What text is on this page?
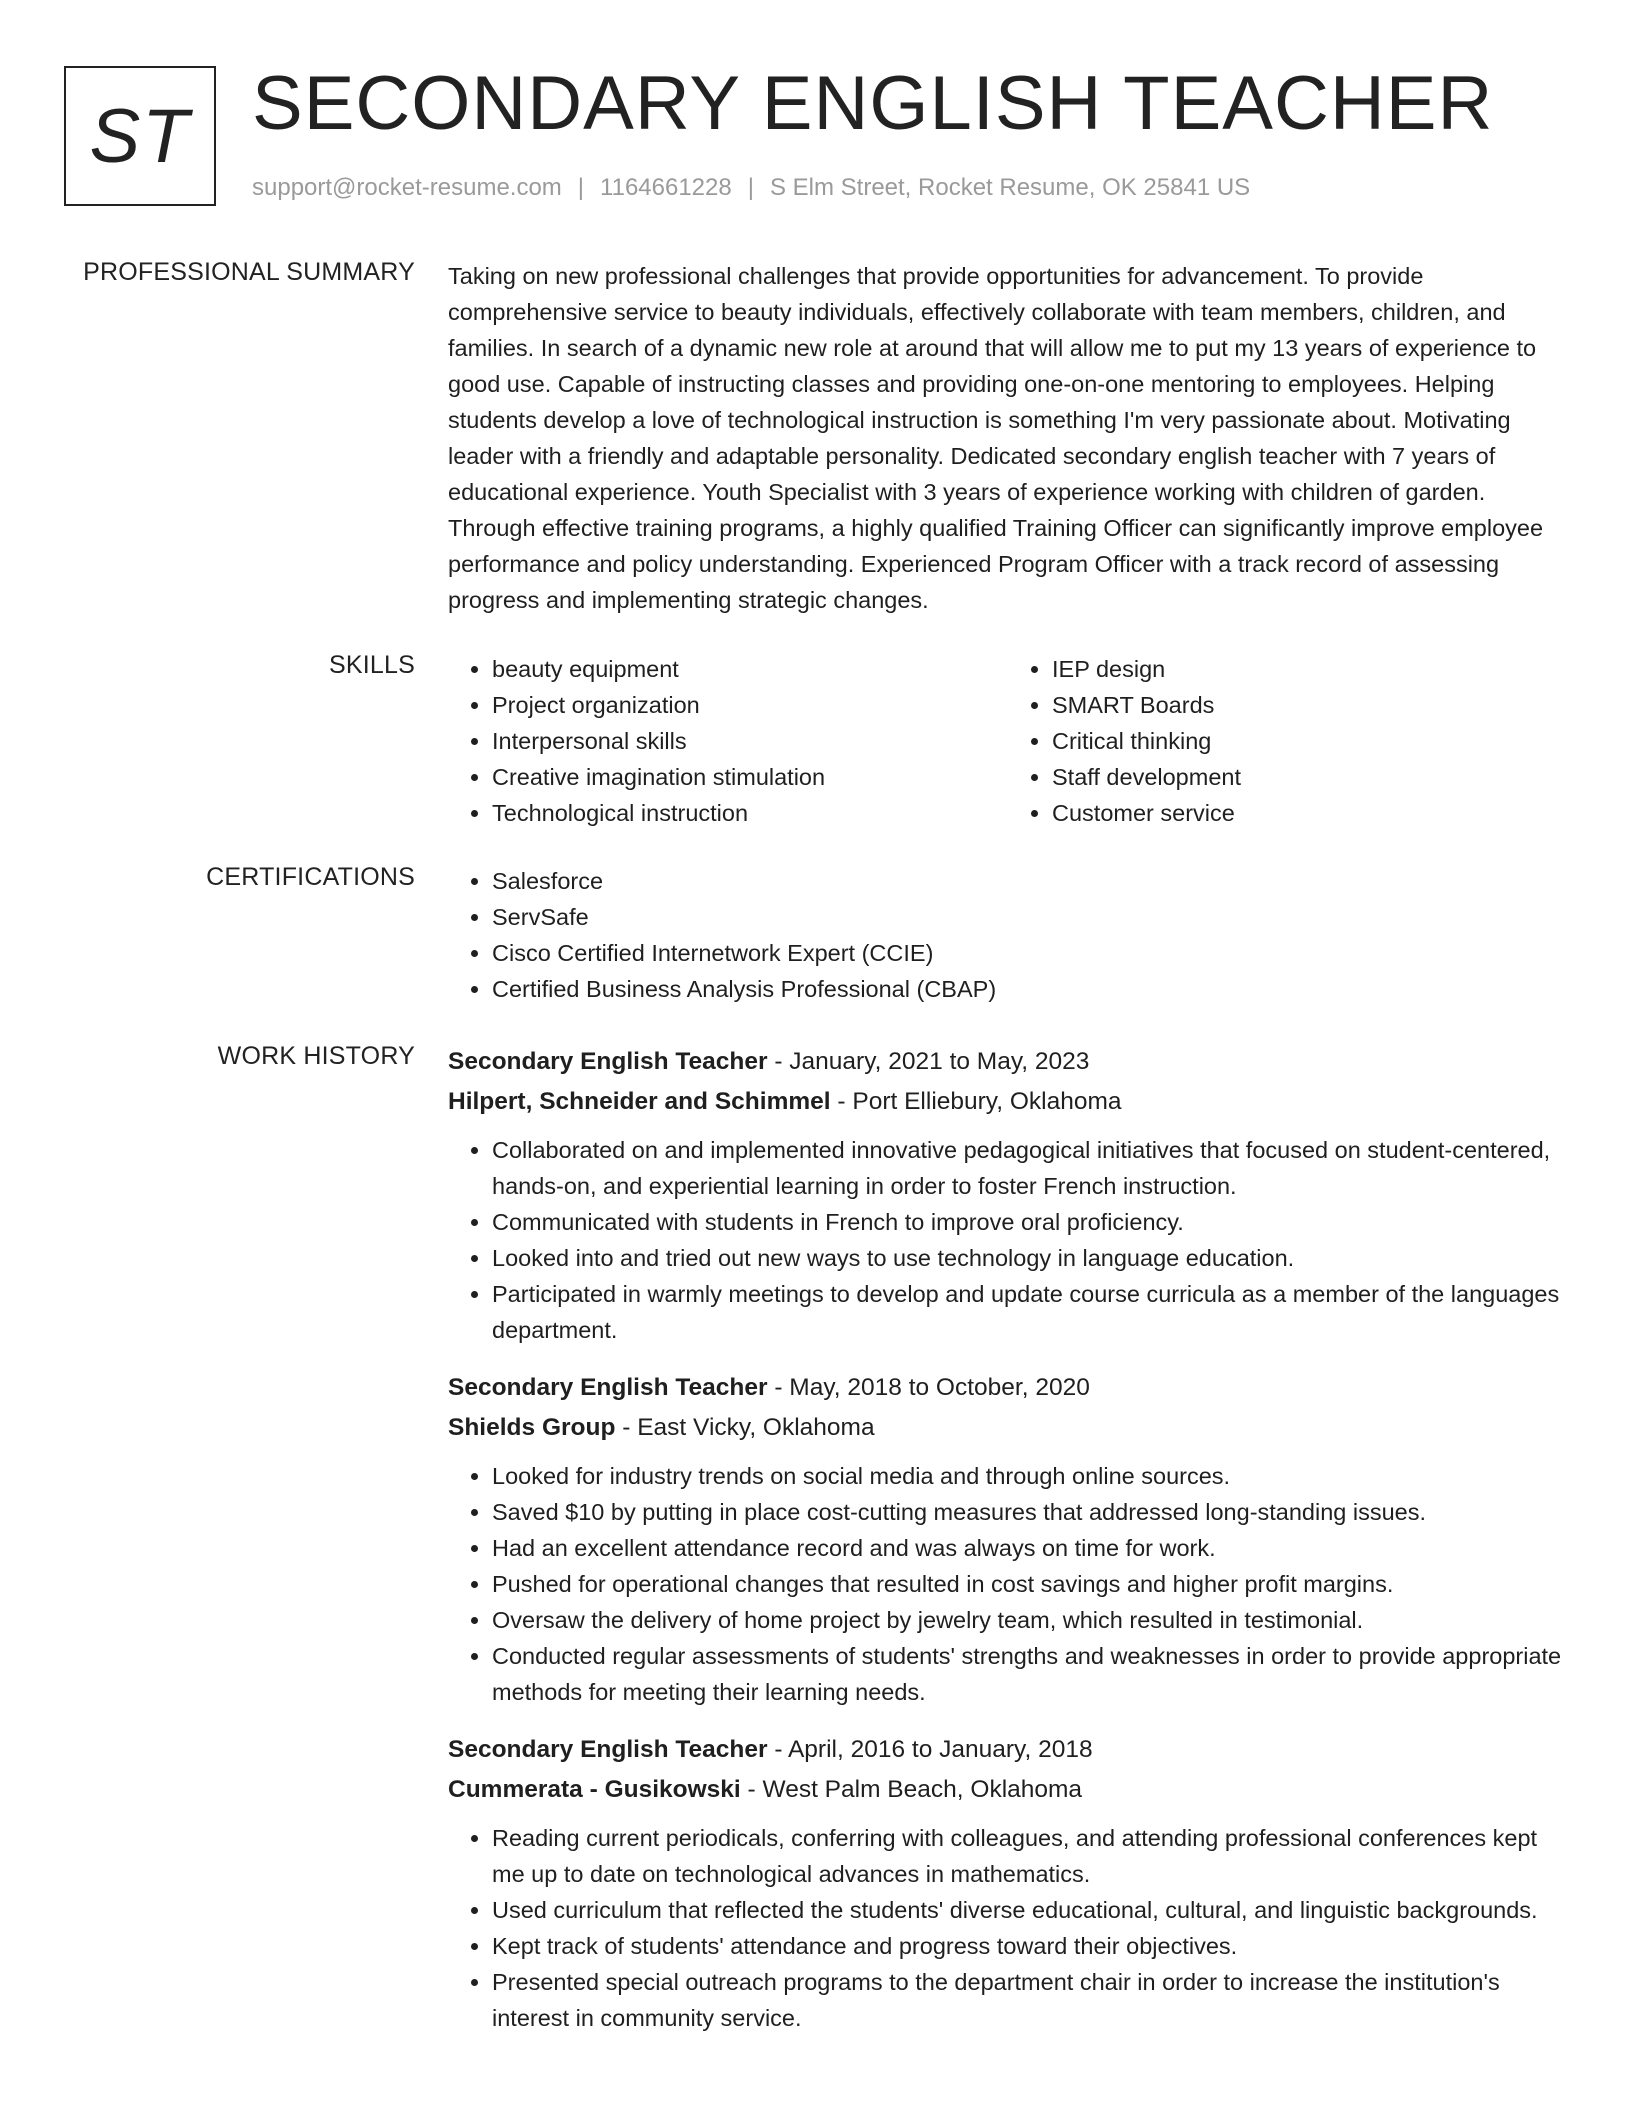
ST SECONDARY ENGLISH TEACHER
support@rocket-resume.com | 1164661228 | S Elm Street, Rocket Resume, OK 25841 US
PROFESSIONAL SUMMARY Taking on new professional challenges that provide opportunities for advancement. To provide comprehensive service to beauty individuals, effectively collaborate with team members, children, and families. In search of a dynamic new role at around that will allow me to put my 13 years of experience to good use. Capable of instructing classes and providing one-on-one mentoring to employees. Helping students develop a love of technological instruction is something I'm very passionate about. Motivating leader with a friendly and adaptable personality. Dedicated secondary english teacher with 7 years of educational experience. Youth Specialist with 3 years of experience working with children of garden. Through effective training programs, a highly qualified Training Officer can significantly improve employee performance and policy understanding. Experienced Program Officer with a track record of assessing progress and implementing strategic changes.
SKILLS	• beauty equipment
• Project organization
• Interpersonal skills
• Creative imagination stimulation
• Technological instruction
• IEP design
• SMART Boards
• Critical thinking
• Staff development
• Customer service
CERTIFICATIONS	• Salesforce
• ServSafe
• Cisco Certified Internetwork Expert (CCIE)
• Certified Business Analysis Professional (CBAP)
WORK HISTORY Secondary English Teacher - January, 2021 to May, 2023
Hilpert, Schneider and Schimmel - Port Elliebury, Oklahoma
• Collaborated on and implemented innovative pedagogical initiatives that focused on student-centered, hands-on, and experiential learning in order to foster French instruction.
• Communicated with students in French to improve oral proficiency.
• Looked into and tried out new ways to use technology in language education.
• Participated in warmly meetings to develop and update course curricula as a member of the languages department.
Secondary English Teacher - May, 2018 to October, 2020
Shields Group - East Vicky, Oklahoma
• Looked for industry trends on social media and through online sources.
• Saved $10 by putting in place cost-cutting measures that addressed long-standing issues.
• Had an excellent attendance record and was always on time for work.
• Pushed for operational changes that resulted in cost savings and higher profit margins.
• Oversaw the delivery of home project by jewelry team, which resulted in testimonial.
• Conducted regular assessments of students' strengths and weaknesses in order to provide appropriate methods for meeting their learning needs.
Secondary English Teacher - April, 2016 to January, 2018
Cummerata - Gusikowski - West Palm Beach, Oklahoma
• Reading current periodicals, conferring with colleagues, and attending professional conferences kept me up to date on technological advances in mathematics.
• Used curriculum that reflected the students' diverse educational, cultural, and linguistic backgrounds.
• Kept track of students' attendance and progress toward their objectives.
• Presented special outreach programs to the department chair in order to increase the institution's interest in community service.
